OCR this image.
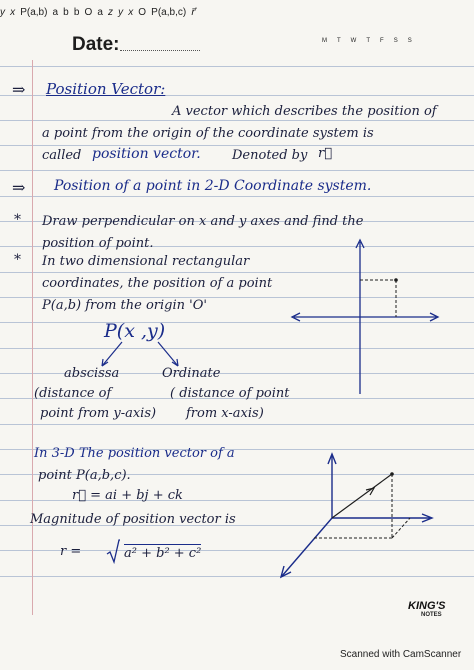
Date:	M T W T F S S
⇒ Position Vector:
A vector which describes the position of
a point from the origin of the coordinate system is
called position vector. Denoted by r⃗
⇒ Position of a point in 2-D Coordinate system.
* Draw perpendicular on x and y axes and find the
position of point.
* In two dimensional rectangular
coordinates, the position of a point
P(a,b) from the origin 'O'
P(x ,y)
abscissa	Ordinate
(distance of
point from y-axis)
( distance of point
from x-axis)
y x P(a,b) a b b O a
In 3-D The position vector of a
point P(a,b,c).
r⃗ = ai + bj + ck
Magnitude of position vector is
r =	a² + b² + c²
z y x O P(a,b,c) r⃗
KING'S
NOTES
Scanned with CamScanner
